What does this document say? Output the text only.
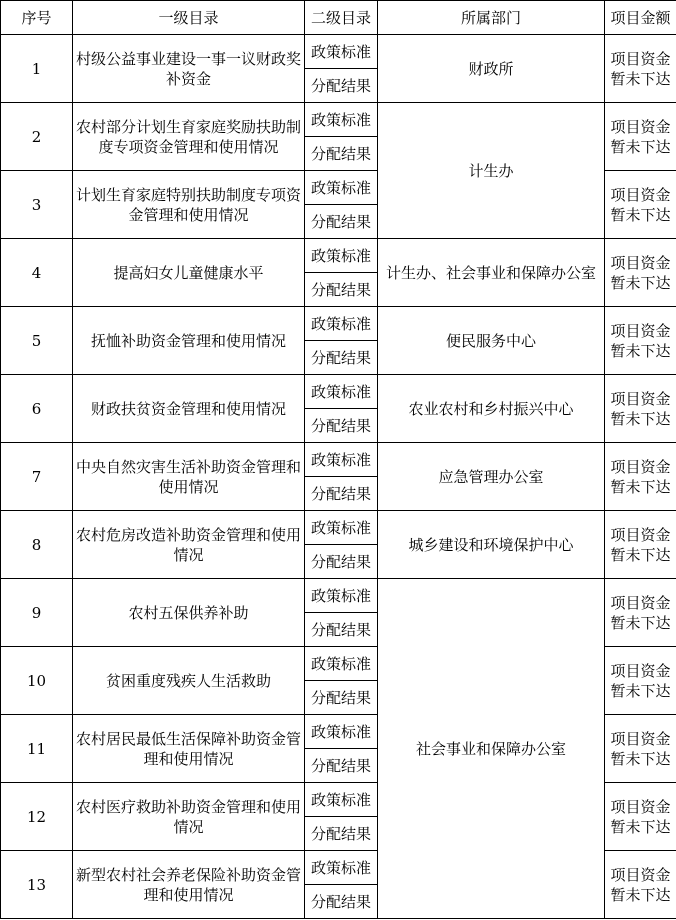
序号	一级目录	二级目录	所属部门	项目金额
1	村级公益事业建设一事一议财政奖补资金	政策标准	财政所	项目资金暂未下达
		分配结果		
2	农村部分计划生育家庭奖励扶助制度专项资金管理和使用情况	政策标准	计生办	项目资金暂未下达
		分配结果		
3	计划生育家庭特别扶助制度专项资金管理和使用情况	政策标准		项目资金暂未下达
		分配结果		
4	提高妇女儿童健康水平	政策标准	计生办、社会事业和保障办公室	项目资金暂未下达
		分配结果		
5	抚恤补助资金管理和使用情况	政策标准	便民服务中心	项目资金暂未下达
		分配结果		
6	财政扶贫资金管理和使用情况	政策标准	农业农村和乡村振兴中心	项目资金暂未下达
		分配结果		
7	中央自然灾害生活补助资金管理和使用情况	政策标准	应急管理办公室	项目资金暂未下达
		分配结果		
8	农村危房改造补助资金管理和使用情况	政策标准	城乡建设和环境保护中心	项目资金暂未下达
		分配结果		
9	农村五保供养补助	政策标准	社会事业和保障办公室	项目资金暂未下达
		分配结果		
10	贫困重度残疾人生活救助	政策标准		项目资金暂未下达
		分配结果		
11	农村居民最低生活保障补助资金管理和使用情况	政策标准		项目资金暂未下达
		分配结果		
12	农村医疗救助补助资金管理和使用情况	政策标准		项目资金暂未下达
		分配结果		
13	新型农村社会养老保险补助资金管理和使用情况	政策标准		项目资金暂未下达
		分配结果		
